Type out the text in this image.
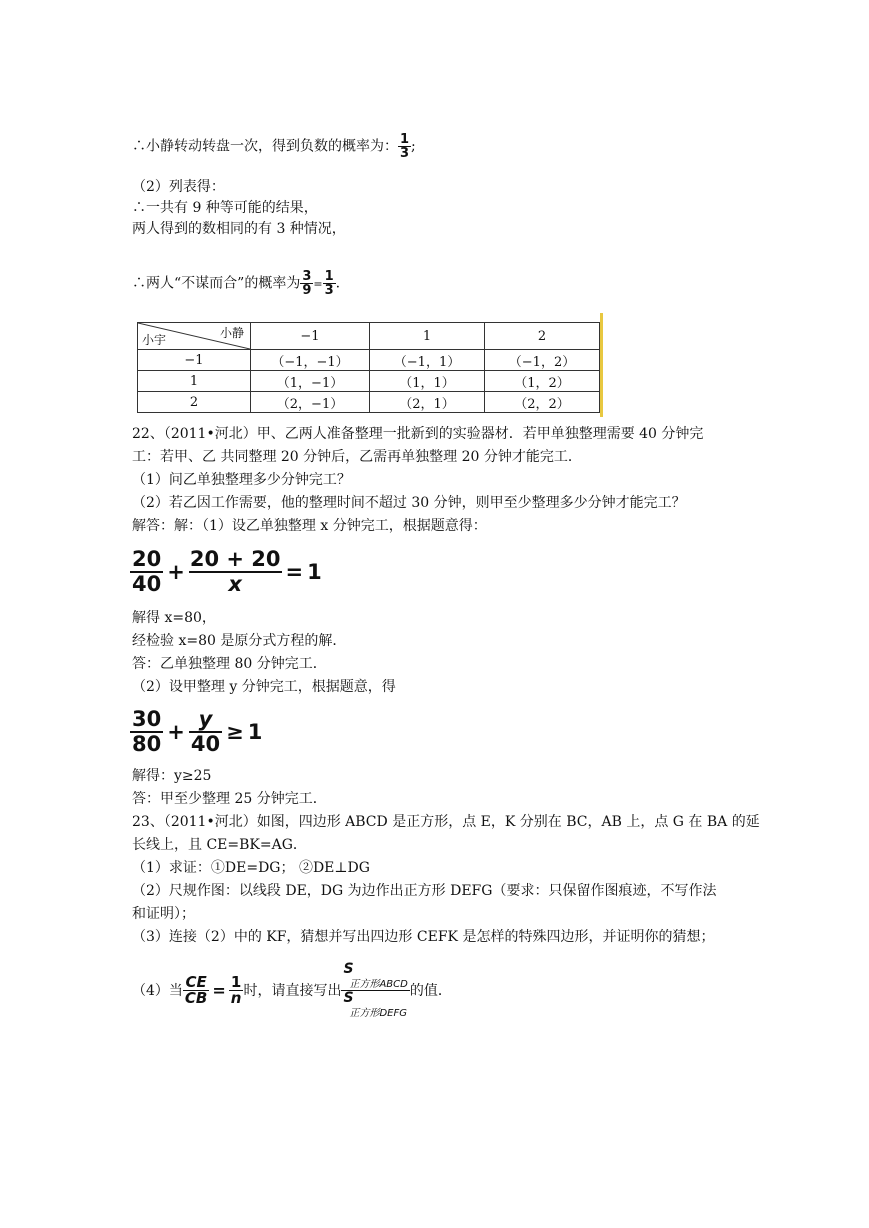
∴小静转动转盘一次，得到负数的概率为： $\frac{1}{3}$ ;
（2）列表得：
∴一共有 9 种等可能的结果，
两人得到的数相同的有 3 种情况，
∴两人“不谋而合”的概率为 $\frac{3}{9} = \frac{1}{3}$ .
小静
小宇	−1	1	2
−1	（−1，−1）	（−1，1）	（−1，2）
1	（1，−1）	（1，1）	（1，2）
2	（2，−1）	（2，1）	（2，2）
22、（2011•河北）甲、乙两人准备整理一批新到的实验器材．若甲单独整理需要 40 分钟完
工：若甲、乙 共同整理 20 分钟后，乙需再单独整理 20 分钟才能完工．
（1）问乙单独整理多少分钟完工？
（2）若乙因工作需要，他的整理时间不超过 30 分钟，则甲至少整理多少分钟才能完工？
解答：解：（1）设乙单独整理 x 分钟完工，根据题意得：
$\frac{20}{40} + \frac{20 + 20}{x} = 1$
解得 x=80，
经检验 x=80 是原分式方程的解．
答：乙单独整理 80 分钟完工．
（2）设甲整理 y 分钟完工，根据题意，得
$\frac{30}{80} + \frac{y}{40} \ge 1$
解得：y≥25
答：甲至少整理 25 分钟完工．
23、（2011•河北）如图，四边形 ABCD 是正方形，点 E，K 分别在 BC，AB 上，点 G 在 BA 的延
长线上，且 CE=BK=AG．
（1）求证：①DE=DG； ②DE⊥DG
（2）尺规作图：以线段 DE，DG 为边作出正方形 DEFG（要求：只保留作图痕迹，不写作法
和证明）；
（3）连接（2）中的 KF，猜想并写出四边形 CEFK 是怎样的特殊四边形，并证明你的猜想；
（4）当 $\frac{CE}{CB} = \frac{1}{n}$ 时，请直接写出
S
正方形ABCD
S
正方形DEFG
的值．
